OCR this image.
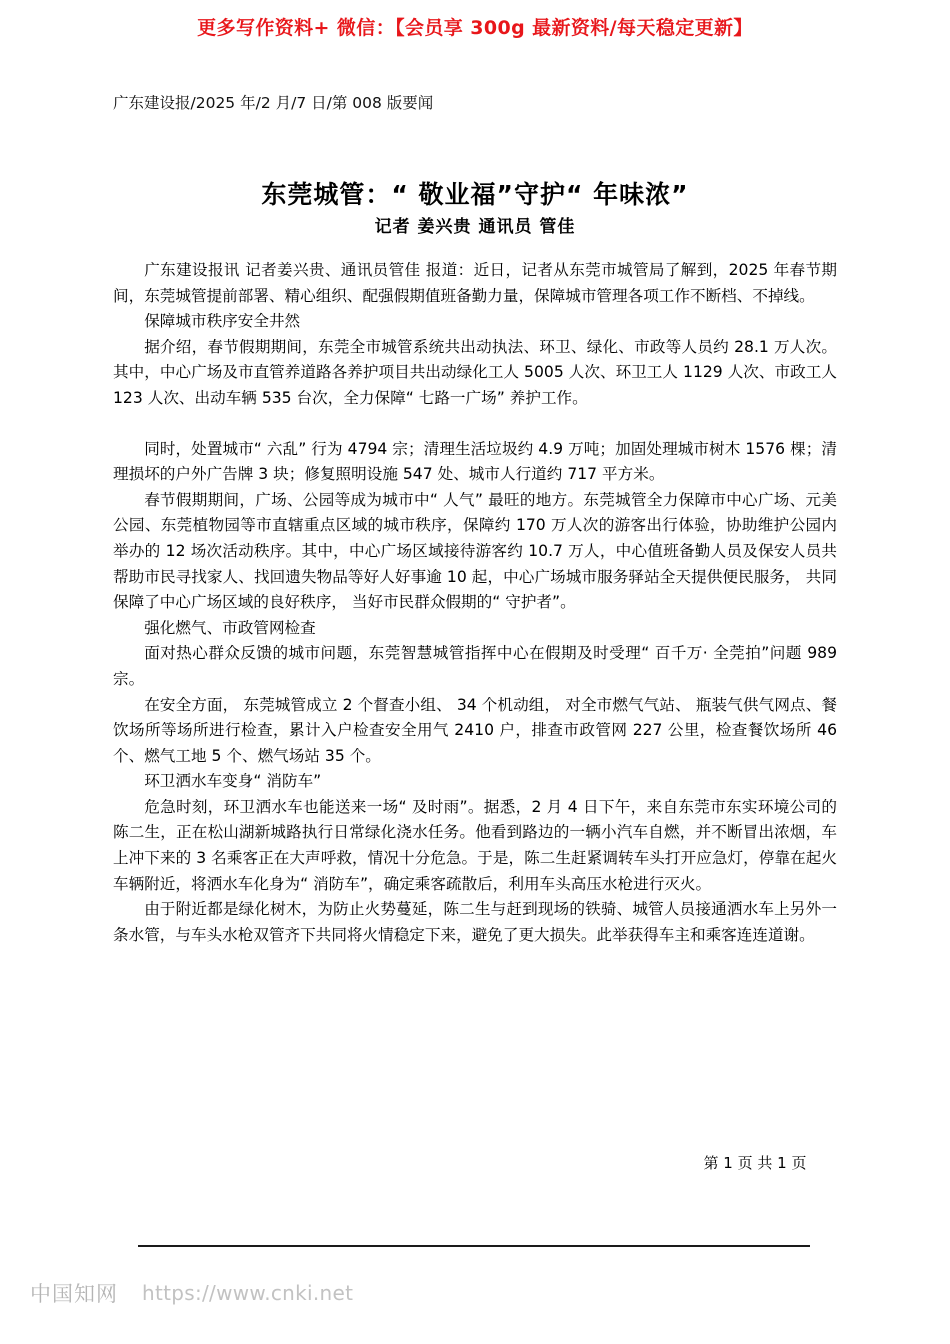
更多写作资料+ 微信：【会员享 300g 最新资料/每天稳定更新】
广东建设报/2025 年/2 月/7 日/第 008 版要闻
东莞城管：“ 敬业福”守护“ 年味浓”
记者 姜兴贵 通讯员 管佳

广东建设报讯 记者姜兴贵、通讯员管佳 报道：近日，记者从东莞市城管局了解到，2025 年春节期间，东莞城管提前部署、精心组织、配强假期值班备勤力量，保障城市管理各项工作不断档、不掉线。

保障城市秩序安全井然

据介绍，春节假期期间，东莞全市城管系统共出动执法、环卫、绿化、市政等人员约 28.1 万人次。其中，中心广场及市直管养道路各养护项目共出动绿化工人 5005 人次、环卫工人 1129 人次、市政工人 123 人次、出动车辆 535 台次，全力保障“ 七路一广场” 养护工作。

同时，处置城市“ 六乱” 行为 4794 宗；清理生活垃圾约 4.9 万吨；加固处理城市树木 1576 棵；清理损坏的户外广告牌 3 块；修复照明设施 547 处、城市人行道约 717 平方米。

春节假期期间，广场、公园等成为城市中“ 人气” 最旺的地方。东莞城管全力保障市中心广场、元美公园、东莞植物园等市直辖重点区域的城市秩序，保障约 170 万人次的游客出行体验，协助维护公园内举办的 12 场次活动秩序。其中，中心广场区域接待游客约 10.7 万人，中心值班备勤人员及保安人员共帮助市民寻找家人、找回遗失物品等好人好事逾 10 起，中心广场城市服务驿站全天提供便民服务， 共同保障了中心广场区域的良好秩序， 当好市民群众假期的“ 守护者”。

强化燃气、市政管网检查

面对热心群众反馈的城市问题，东莞智慧城管指挥中心在假期及时受理“ 百千万· 全莞拍”问题 989 宗。

在安全方面， 东莞城管成立 2 个督查小组、 34 个机动组， 对全市燃气气站、 瓶装气供气网点、餐饮场所等场所进行检查，累计入户检查安全用气 2410 户，排查市政管网 227 公里，检查餐饮场所 46 个、燃气工地 5 个、燃气场站 35 个。

环卫洒水车变身“ 消防车”

危急时刻，环卫洒水车也能送来一场“ 及时雨”。据悉，2 月 4 日下午，来自东莞市东实环境公司的陈二生，正在松山湖新城路执行日常绿化浇水任务。他看到路边的一辆小汽车自燃，并不断冒出浓烟，车上冲下来的 3 名乘客正在大声呼救，情况十分危急。于是，陈二生赶紧调转车头打开应急灯，停靠在起火车辆附近，将洒水车化身为“ 消防车”，确定乘客疏散后，利用车头高压水枪进行灭火。

由于附近都是绿化树木，为防止火势蔓延，陈二生与赶到现场的铁骑、城管人员接通洒水车上另外一条水管，与车头水枪双管齐下共同将火情稳定下来，避免了更大损失。此举获得车主和乘客连连道谢。

第 1 页 共 1 页
中国知网 https://www.cnki.net
